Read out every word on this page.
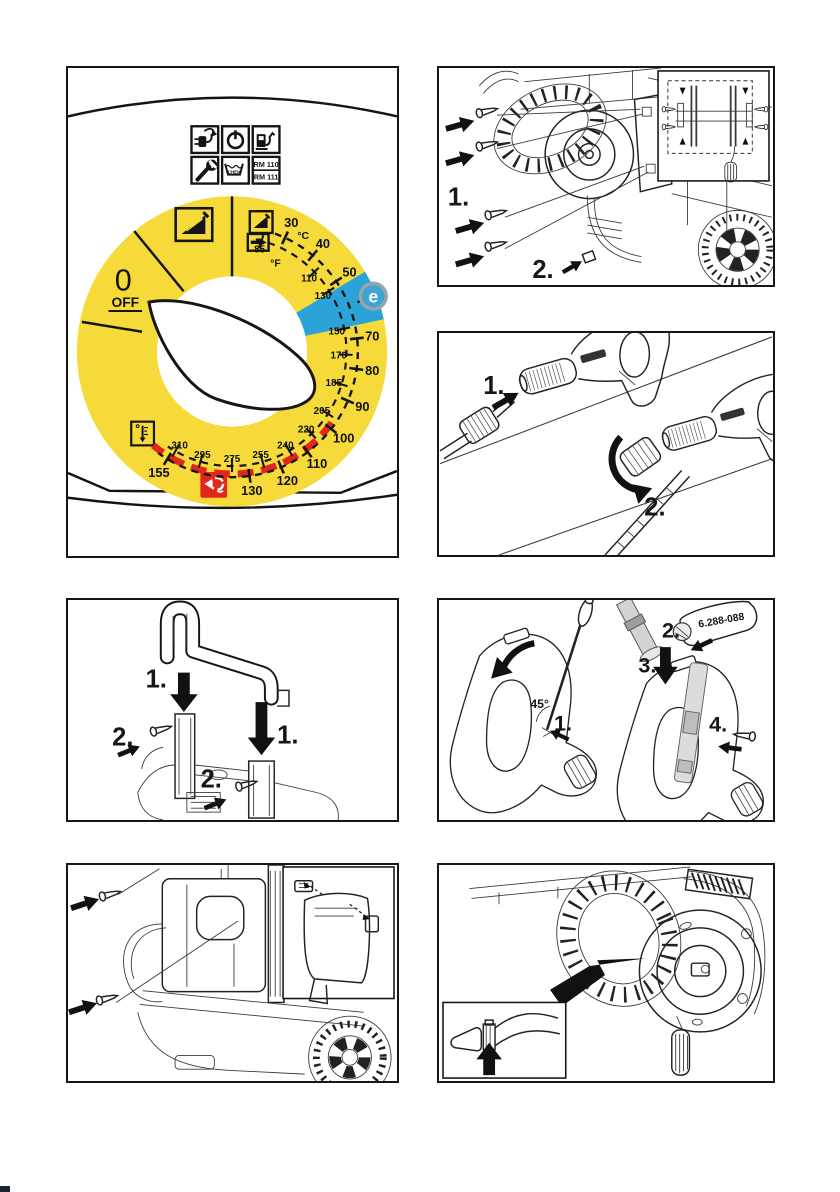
CHEM
RM 110
RM 111
30
40
50
70
80
90
100
110
120
130
155
°C
85
110
130
150
170
185
205
220
240
255
275
295
310
°F
0
OFF	e
1.
2.
1.
2.
1.
1.
2.
2.
45°
1.
6.288-088
2.
3.
4.
